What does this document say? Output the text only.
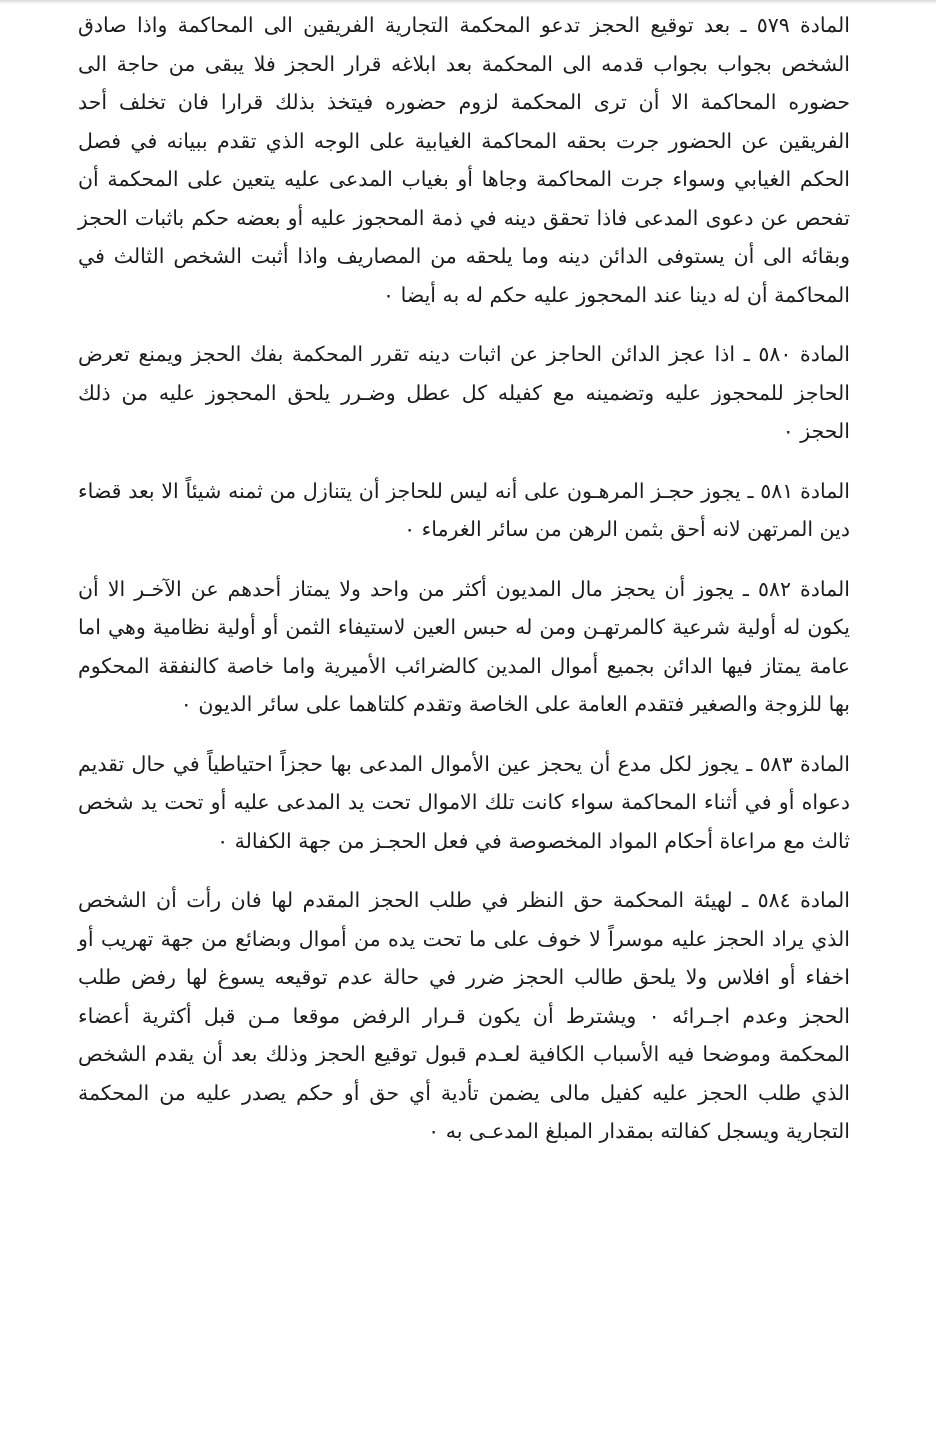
المادة ٥٧٩ ـ بعد توقيع الحجز تدعو المحكمة التجارية الفريقين الى المحاكمة واذا صادق الشخص بجواب بجواب قدمه الى المحكمة بعد ابلاغه قرار الحجز فلا يبقى من حاجة الى حضوره المحاكمة الا أن ترى المحكمة لزوم حضوره فيتخذ بذلك قرارا فان تخلف أحد الفريقين عن الحضور جرت بحقه المحاكمة الغيابية على الوجه الذي تقدم ببيانه في فصل الحكم الغيابي وسواء جرت المحاكمة وجاها أو بغياب المدعى عليه يتعين على المحكمة أن تفحص عن دعوى المدعى فاذا تحقق دينه في ذمة المحجوز عليه أو بعضه حكم باثبات الحجز وبقائه الى أن يستوفى الدائن دينه وما يلحقه من المصاريف واذا أثبت الشخص الثالث في المحاكمة أن له دينا عند المحجوز عليه حكم له به أيضا ٠

المادة ٥٨٠ ـ اذا عجز الدائن الحاجز عن اثبات دينه تقرر المحكمة بفك الحجز ويمنع تعرض الحاجز للمحجوز عليه وتضمينه مع كفيله كل عطل وضـرر يلحق المحجوز عليه من ذلك الحجز ٠

المادة ٥٨١ ـ يجوز حجـز المرهـون على أنه ليس للحاجز أن يتنازل من ثمنه شيئاً الا بعد قضاء دين المرتهن لانه أحق بثمن الرهن من سائر الغرماء ٠

المادة ٥٨٢ ـ يجوز أن يحجز مال المديون أكثر من واحد ولا يمتاز أحدهم عن الآخـر الا أن يكون له أولية شرعية كالمرتهـن ومن له حبس العين لاستيفاء الثمن أو أولية نظامية وهي اما عامة يمتاز فيها الدائن بجميع أموال المدين كالضرائب الأميرية واما خاصة كالنفقة المحكوم بها للزوجة والصغير فتقدم العامة على الخاصة وتقدم كلتاهما على سائر الديون ٠

المادة ٥٨٣ ـ يجوز لكل مدع أن يحجز عين الأموال المدعى بها حجزاً احتياطياً في حال تقديم دعواه أو في أثناء المحاكمة سواء كانت تلك الاموال تحت يد المدعى عليه أو تحت يد شخص ثالث مع مراعاة أحكام المواد المخصوصة في فعل الحجـز من جهة الكفالة ٠

المادة ٥٨٤ ـ لهيئة المحكمة حق النظر في طلب الحجز المقدم لها فان رأت أن الشخص الذي يراد الحجز عليه موسراً لا خوف على ما تحت يده من أموال وبضائع من جهة تهريب أو اخفاء أو افلاس ولا يلحق طالب الحجز ضرر في حالة عدم توقيعه يسوغ لها رفض طلب الحجز وعدم اجـرائه ٠ ويشترط أن يكون قـرار الرفض موقعا مـن قبل أكثرية أعضاء المحكمة وموضحا فيه الأسباب الكافية لعـدم قبول توقيع الحجز وذلك بعد أن يقدم الشخص الذي طلب الحجز عليه كفيل مالى يضمن تأدية أي حق أو حكم يصدر عليه من المحكمة التجارية ويسجل كفالته بمقدار المبلغ المدعـى به ٠
